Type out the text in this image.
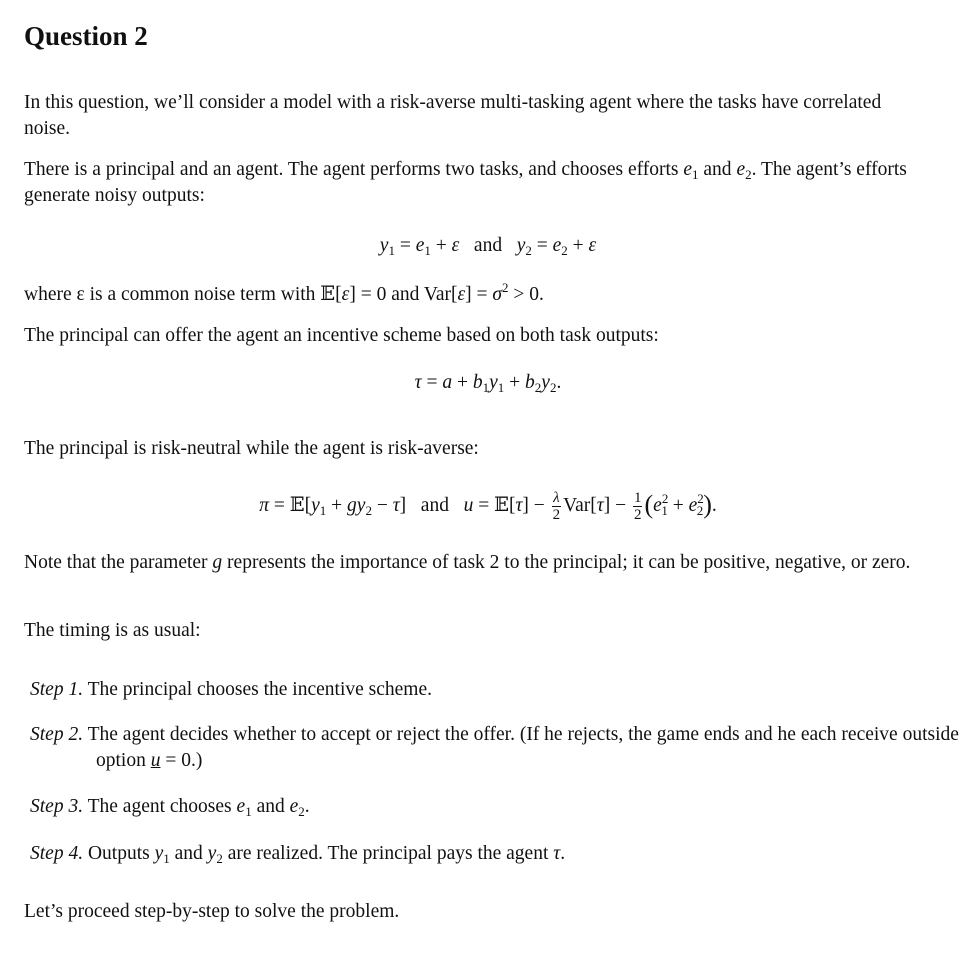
Question 2
In this question, we’ll consider a model with a risk-averse multi-tasking agent where the tasks have correlated noise.
There is a principal and an agent. The agent performs two tasks, and chooses efforts $e_1$ and $e_2$. The agent’s efforts generate noisy outputs:
$y_1 = e_1 + \varepsilon$ and $y_2 = e_2 + \varepsilon$
where ε is a common noise term with 𝔼[ε] = 0 and $Var[\varepsilon] = \sigma^2 > 0$.
The principal can offer the agent an incentive scheme based on both task outputs:
$\tau = a + b_1y_1 + b_2y_2$.
The principal is risk-neutral while the agent is risk-averse:
$\pi = 𝔼[y_1 + gy_2 - \tau]$   and u = 𝔼[τ] − $\frac{\lambda}{2} Var[\tau] - \frac{1}{2} (e^2_1 + e^2_2)$.
Note that the parameter g represents the importance of task 2 to the principal; it can be positive, negative, or zero.
The timing is as usual:
Step 1. The principal chooses the incentive scheme.
Step 2. The agent decides whether to accept or reject the offer. (If he rejects, the game ends and he each receive outside option u = 0.)
Step 3. The agent chooses $e_1$ and $e_2$.
Step 4. Outputs $y_1$ and $y_2$ are realized. The principal pays the agent τ.
Let’s proceed step-by-step to solve the problem.
